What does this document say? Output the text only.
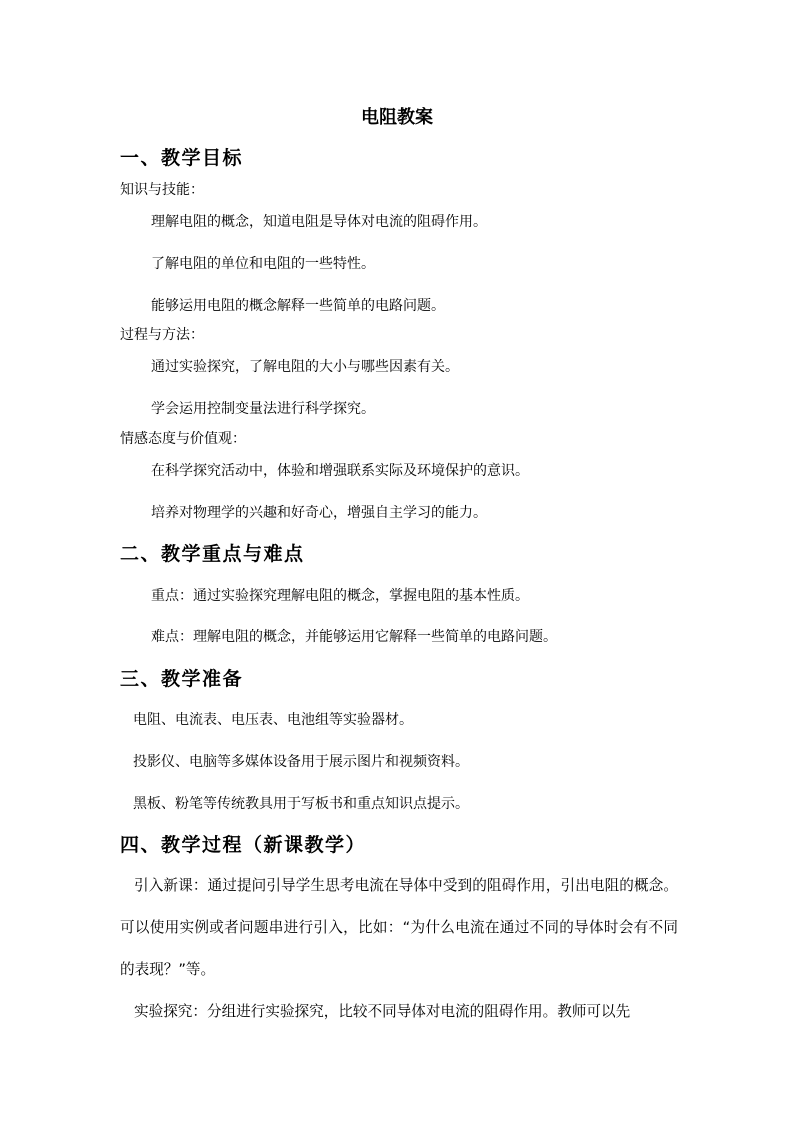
电阻教案
一、教学目标

知识与技能：

理解电阻的概念，知道电阻是导体对电流的阻碍作用。

了解电阻的单位和电阻的一些特性。

能够运用电阻的概念解释一些简单的电路问题。

过程与方法：

通过实验探究，了解电阻的大小与哪些因素有关。

学会运用控制变量法进行科学探究。

情感态度与价值观：

在科学探究活动中，体验和增强联系实际及环境保护的意识。

培养对物理学的兴趣和好奇心，增强自主学习的能力。

二、教学重点与难点

重点：通过实验探究理解电阻的概念，掌握电阻的基本性质。

难点：理解电阻的概念，并能够运用它解释一些简单的电路问题。

三、教学准备

电阻、电流表、电压表、电池组等实验器材。

投影仪、电脑等多媒体设备用于展示图片和视频资料。

黑板、粉笔等传统教具用于写板书和重点知识点提示。

四、教学过程（新课教学）

引入新课：通过提问引导学生思考电流在导体中受到的阻碍作用，引出电阻的概念。可以使用实例或者问题串进行引入，比如：“为什么电流在通过不同的导体时会有不同的表现？”等。

实验探究：分组进行实验探究，比较不同导体对电流的阻碍作用。教师可以先
